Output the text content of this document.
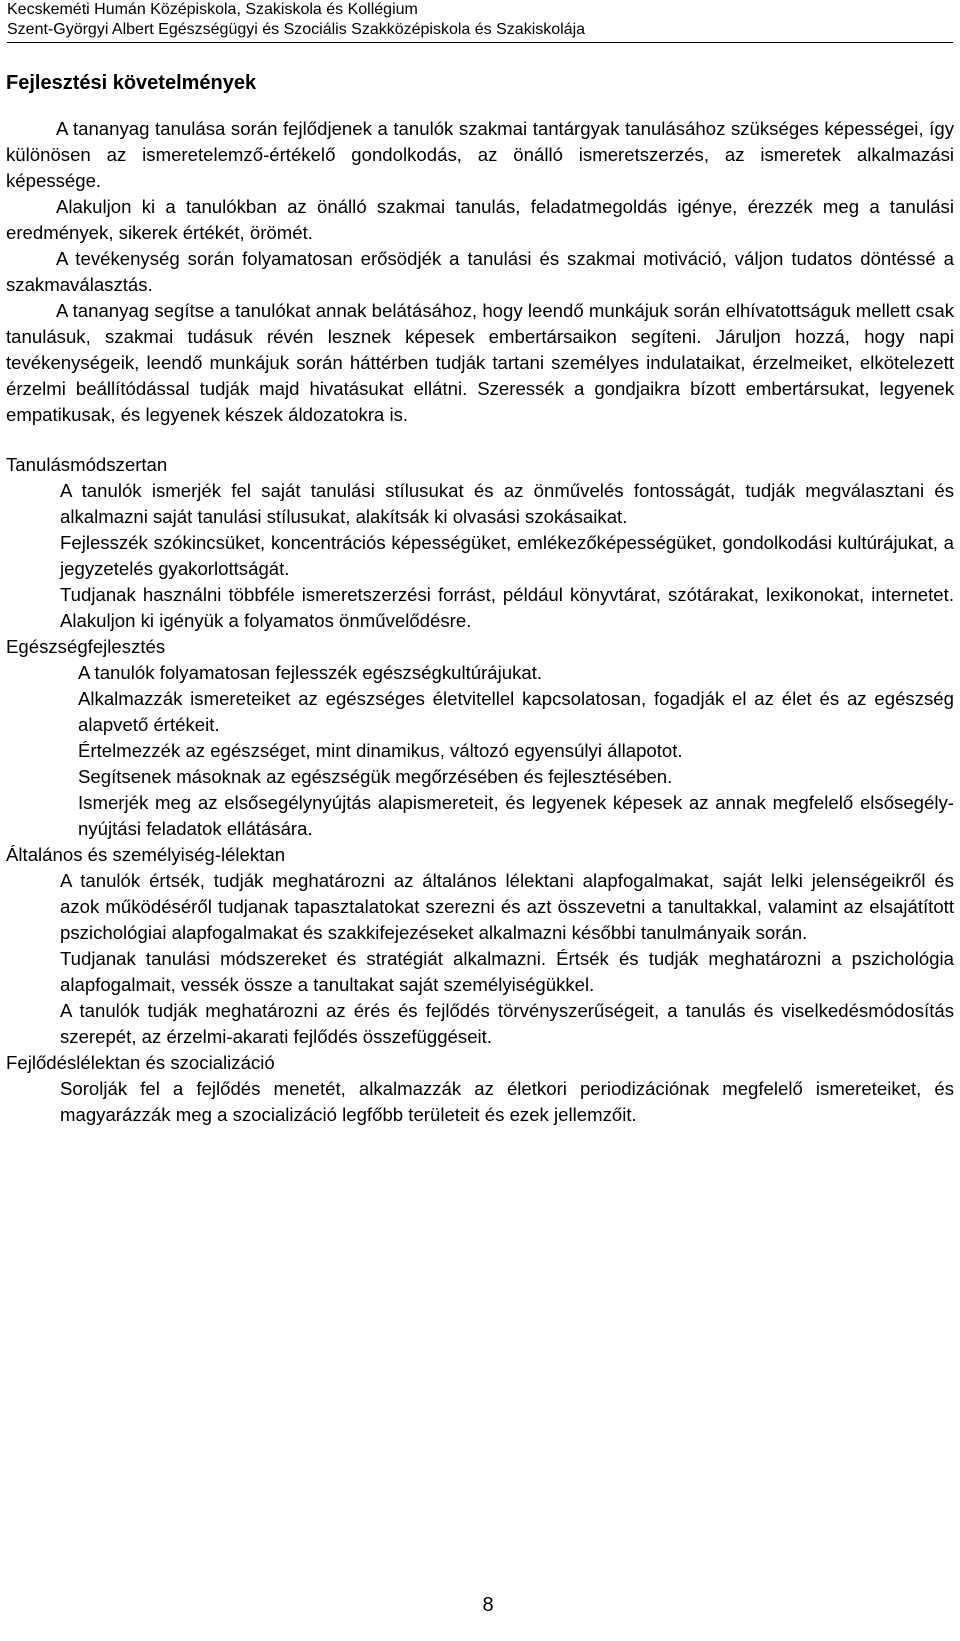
Kecskeméti Humán Középiskola, Szakiskola és Kollégium
Szent-Györgyi Albert Egészségügyi és Szociális Szakközépiskola és Szakiskolája
Fejlesztési követelmények

A tananyag tanulása során fejlődjenek a tanulók szakmai tantárgyak tanulásához szükséges képességei, így különösen az ismeretelemző-értékelő gondolkodás, az önálló ismeretszerzés, az ismeretek alkalmazási képessége.

Alakuljon ki a tanulókban az önálló szakmai tanulás, feladatmegoldás igénye, érezzék meg a tanulási eredmények, sikerek értékét, örömét.

A tevékenység során folyamatosan erősödjék a tanulási és szakmai motiváció, váljon tudatos döntéssé a szakmaválasztás.

A tananyag segítse a tanulókat annak belátásához, hogy leendő munkájuk során elhívatottságuk mellett csak tanulásuk, szakmai tudásuk révén lesznek képesek embertársaikon segíteni. Járuljon hozzá, hogy napi tevékenységeik, leendő munkájuk során háttérben tudják tartani személyes indulataikat, érzelmeiket, elkötelezett érzelmi beállítódással tudják majd hivatásukat ellátni. Szeressék a gondjaikra bízott embertársukat, legyenek empatikusak, és legyenek készek áldozatokra is.

Tanulásmódszertan

A tanulók ismerjék fel saját tanulási stílusukat és az önművelés fontosságát, tudják megválasztani és alkalmazni saját tanulási stílusukat, alakítsák ki olvasási szokásaikat.

Fejlesszék szókincsüket, koncentrációs képességüket, emlékezőképességüket, gondolkodási kultúrájukat, a jegyzetelés gyakorlottságát.

Tudjanak használni többféle ismeretszerzési forrást, például könyvtárat, szótárakat, lexikonokat, internetet. Alakuljon ki igényük a folyamatos önművelődésre.

Egészségfejlesztés

A tanulók folyamatosan fejlesszék egészségkultúrájukat.

Alkalmazzák ismereteiket az egészséges életvitellel kapcsolatosan, fogadják el az élet és az egészség alapvető értékeit.

Értelmezzék az egészséget, mint dinamikus, változó egyensúlyi állapotot.

Segítsenek másoknak az egészségük megőrzésében és fejlesztésében.

Ismerjék meg az elsősegélynyújtás alapismereteit, és legyenek képesek az annak megfelelő elsősegély-nyújtási feladatok ellátására.

Általános és személyiség-lélektan

A tanulók értsék, tudják meghatározni az általános lélektani alapfogalmakat, saját lelki jelenségeikről és azok működéséről tudjanak tapasztalatokat szerezni és azt összevetni a tanultakkal, valamint az elsajátított pszichológiai alapfogalmakat és szakkifejezéseket alkalmazni későbbi tanulmányaik során.

Tudjanak tanulási módszereket és stratégiát alkalmazni. Értsék és tudják meghatározni a pszichológia alapfogalmait, vessék össze a tanultakat saját személyiségükkel.

A tanulók tudják meghatározni az érés és fejlődés törvényszerűségeit, a tanulás és viselkedésmódosítás szerepét, az érzelmi-akarati fejlődés összefüggéseit.

Fejlődéslélektan és szocializáció

Sorolják fel a fejlődés menetét, alkalmazzák az életkori periodizációnak megfelelő ismereteiket, és magyarázzák meg a szocializáció legfőbb területeit és ezek jellemzőit.

8
